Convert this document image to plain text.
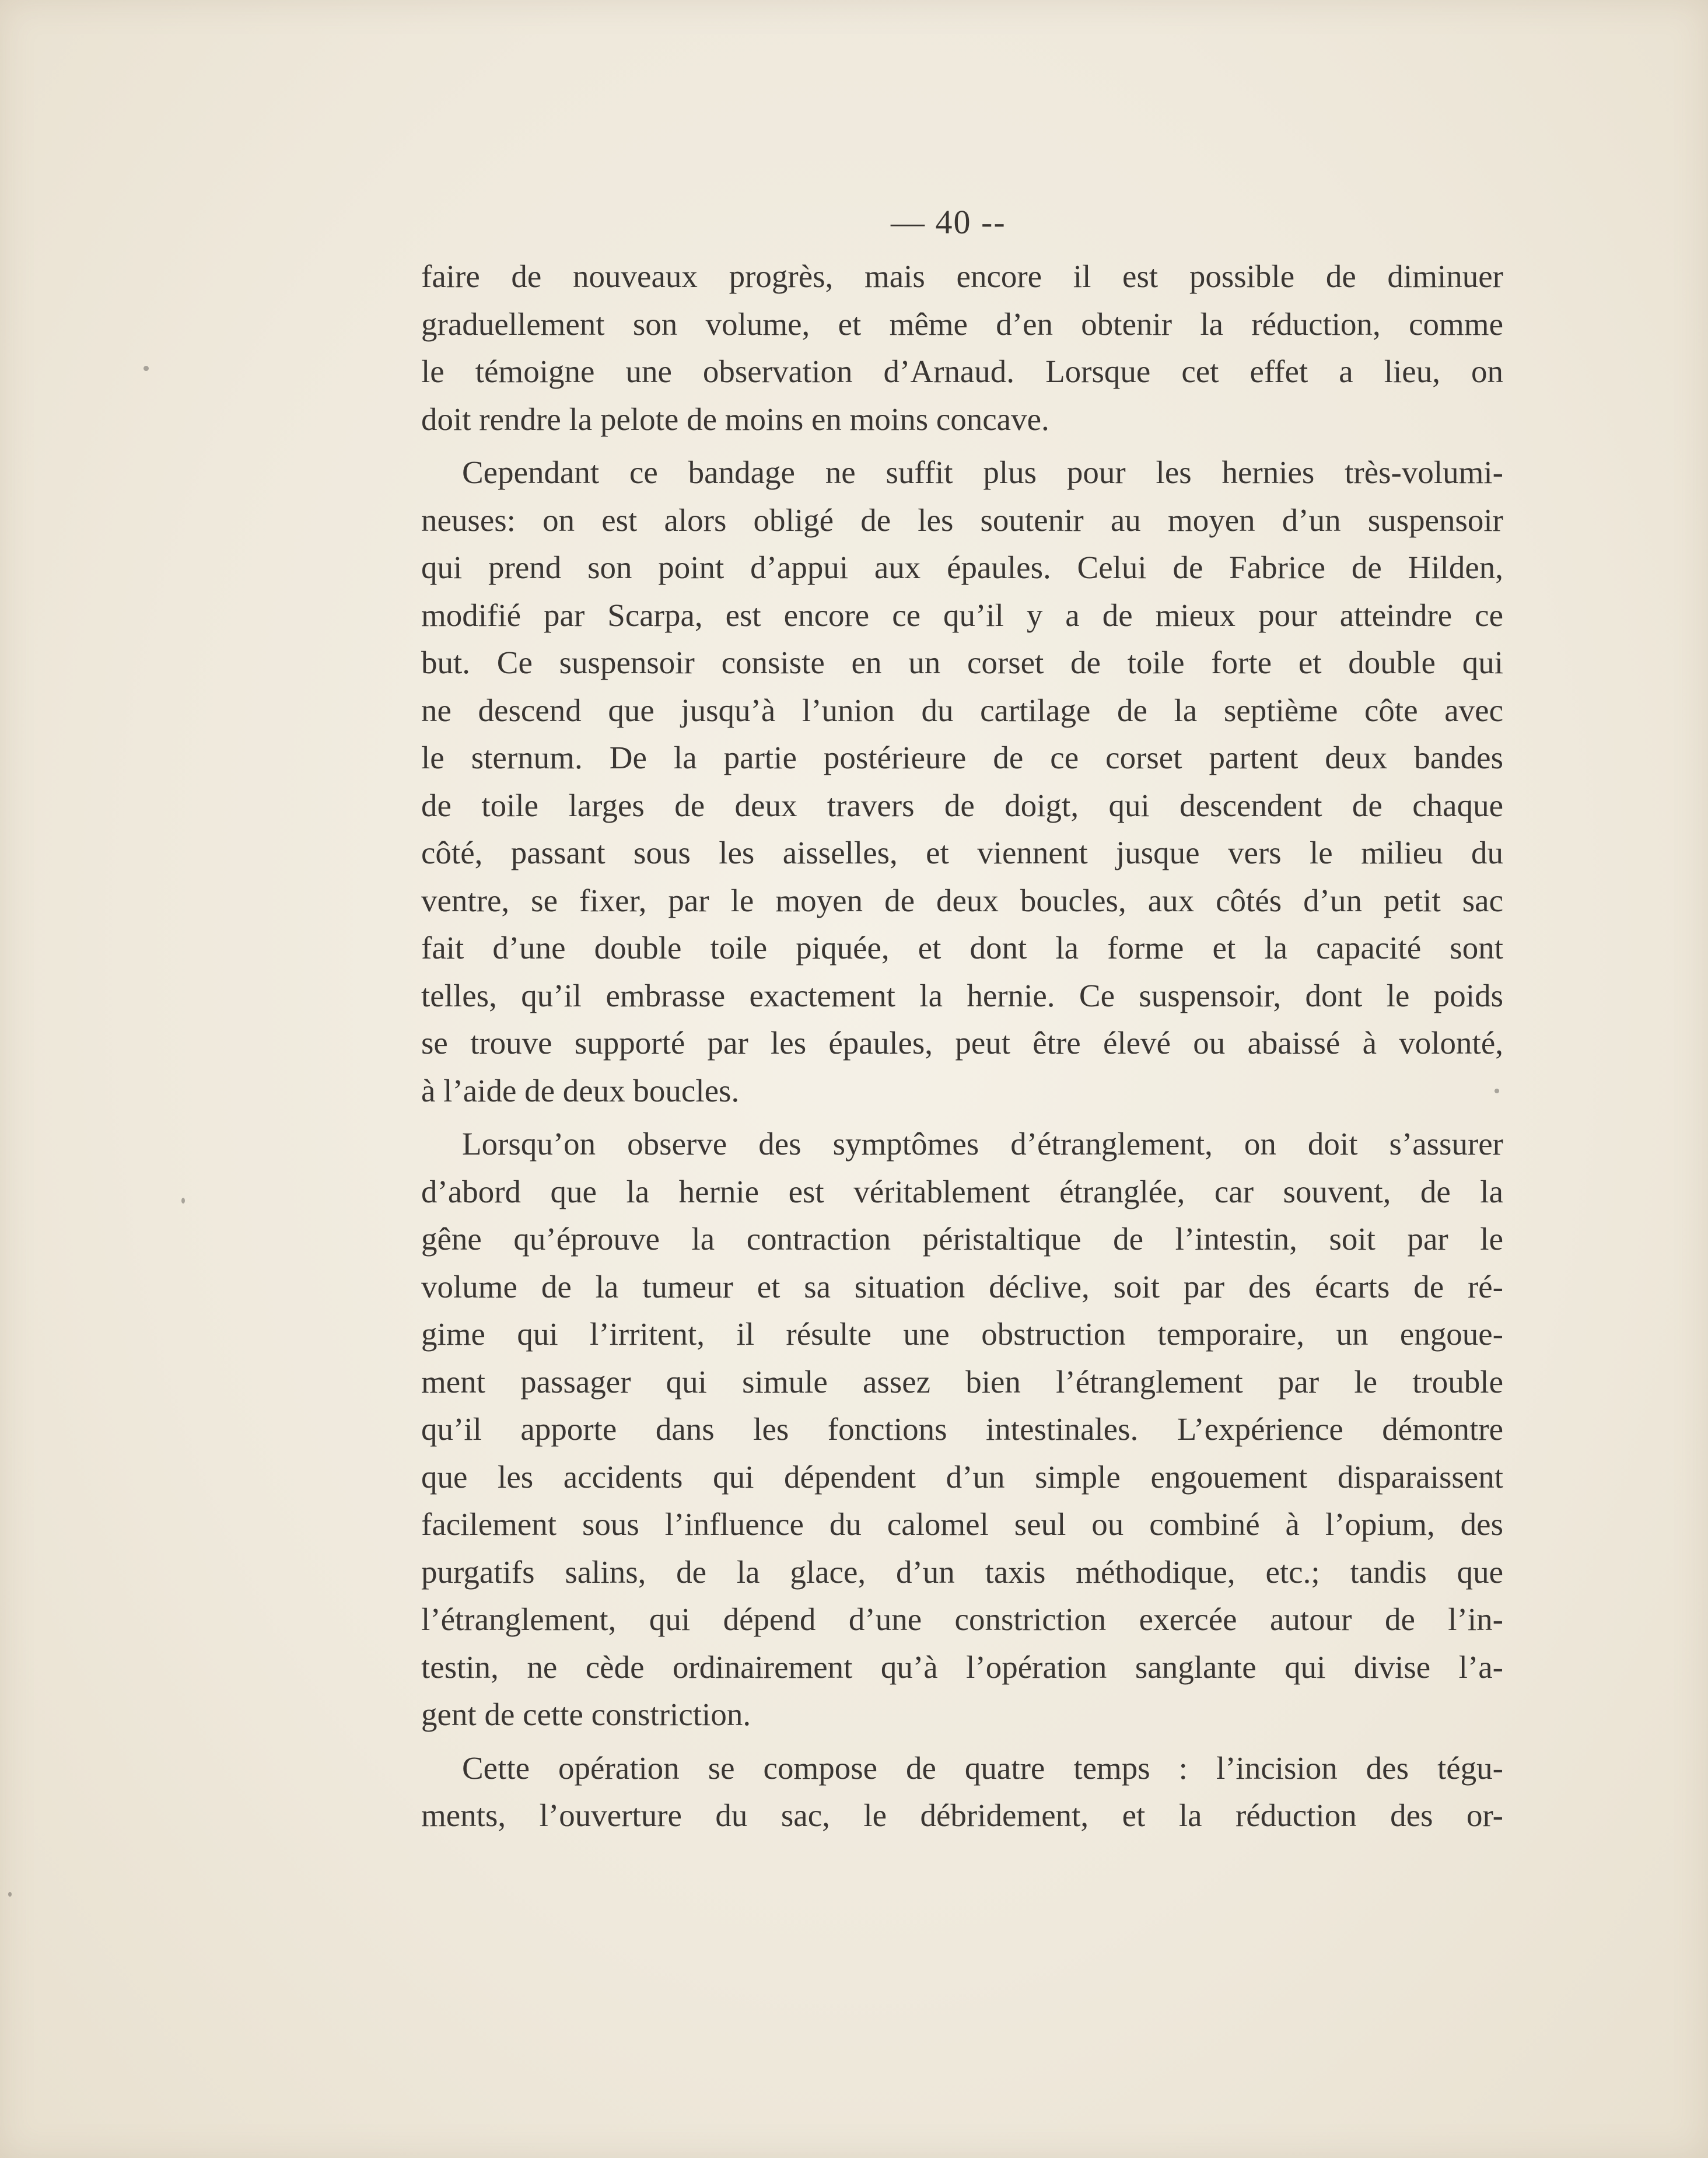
— 40 --

faire de nouveaux progrès, mais encore il est possible de diminuer
graduellement son volume, et même d’en obtenir la réduction, comme
le témoigne une observation d’Arnaud. Lorsque cet effet a lieu, on
doit rendre la pelote de moins en moins concave.

Cependant ce bandage ne suffit plus pour les hernies très-volumi-
neuses: on est alors obligé de les soutenir au moyen d’un suspensoir
qui prend son point d’appui aux épaules. Celui de Fabrice de Hilden,
modifié par Scarpa, est encore ce qu’il y a de mieux pour atteindre ce
but. Ce suspensoir consiste en un corset de toile forte et double qui
ne descend que jusqu’à l’union du cartilage de la septième côte avec
le sternum. De la partie postérieure de ce corset partent deux bandes
de toile larges de deux travers de doigt, qui descendent de chaque
côté, passant sous les aisselles, et viennent jusque vers le milieu du
ventre, se fixer, par le moyen de deux boucles, aux côtés d’un petit sac
fait d’une double toile piquée, et dont la forme et la capacité sont
telles, qu’il embrasse exactement la hernie. Ce suspensoir, dont le poids
se trouve supporté par les épaules, peut être élevé ou abaissé à volonté,
à l’aide de deux boucles.

Lorsqu’on observe des symptômes d’étranglement, on doit s’assurer
d’abord que la hernie est véritablement étranglée, car souvent, de la
gêne qu’éprouve la contraction péristaltique de l’intestin, soit par le
volume de la tumeur et sa situation déclive, soit par des écarts de ré-
gime qui l’irritent, il résulte une obstruction temporaire, un engoue-
ment passager qui simule assez bien l’étranglement par le trouble
qu’il apporte dans les fonctions intestinales. L’expérience démontre
que les accidents qui dépendent d’un simple engouement disparaissent
facilement sous l’influence du calomel seul ou combiné à l’opium, des
purgatifs salins, de la glace, d’un taxis méthodique, etc.; tandis que
l’étranglement, qui dépend d’une constriction exercée autour de l’in-
testin, ne cède ordinairement qu’à l’opération sanglante qui divise l’a-
gent de cette constriction.

Cette opération se compose de quatre temps : l’incision des tégu-
ments, l’ouverture du sac, le débridement, et la réduction des or-
